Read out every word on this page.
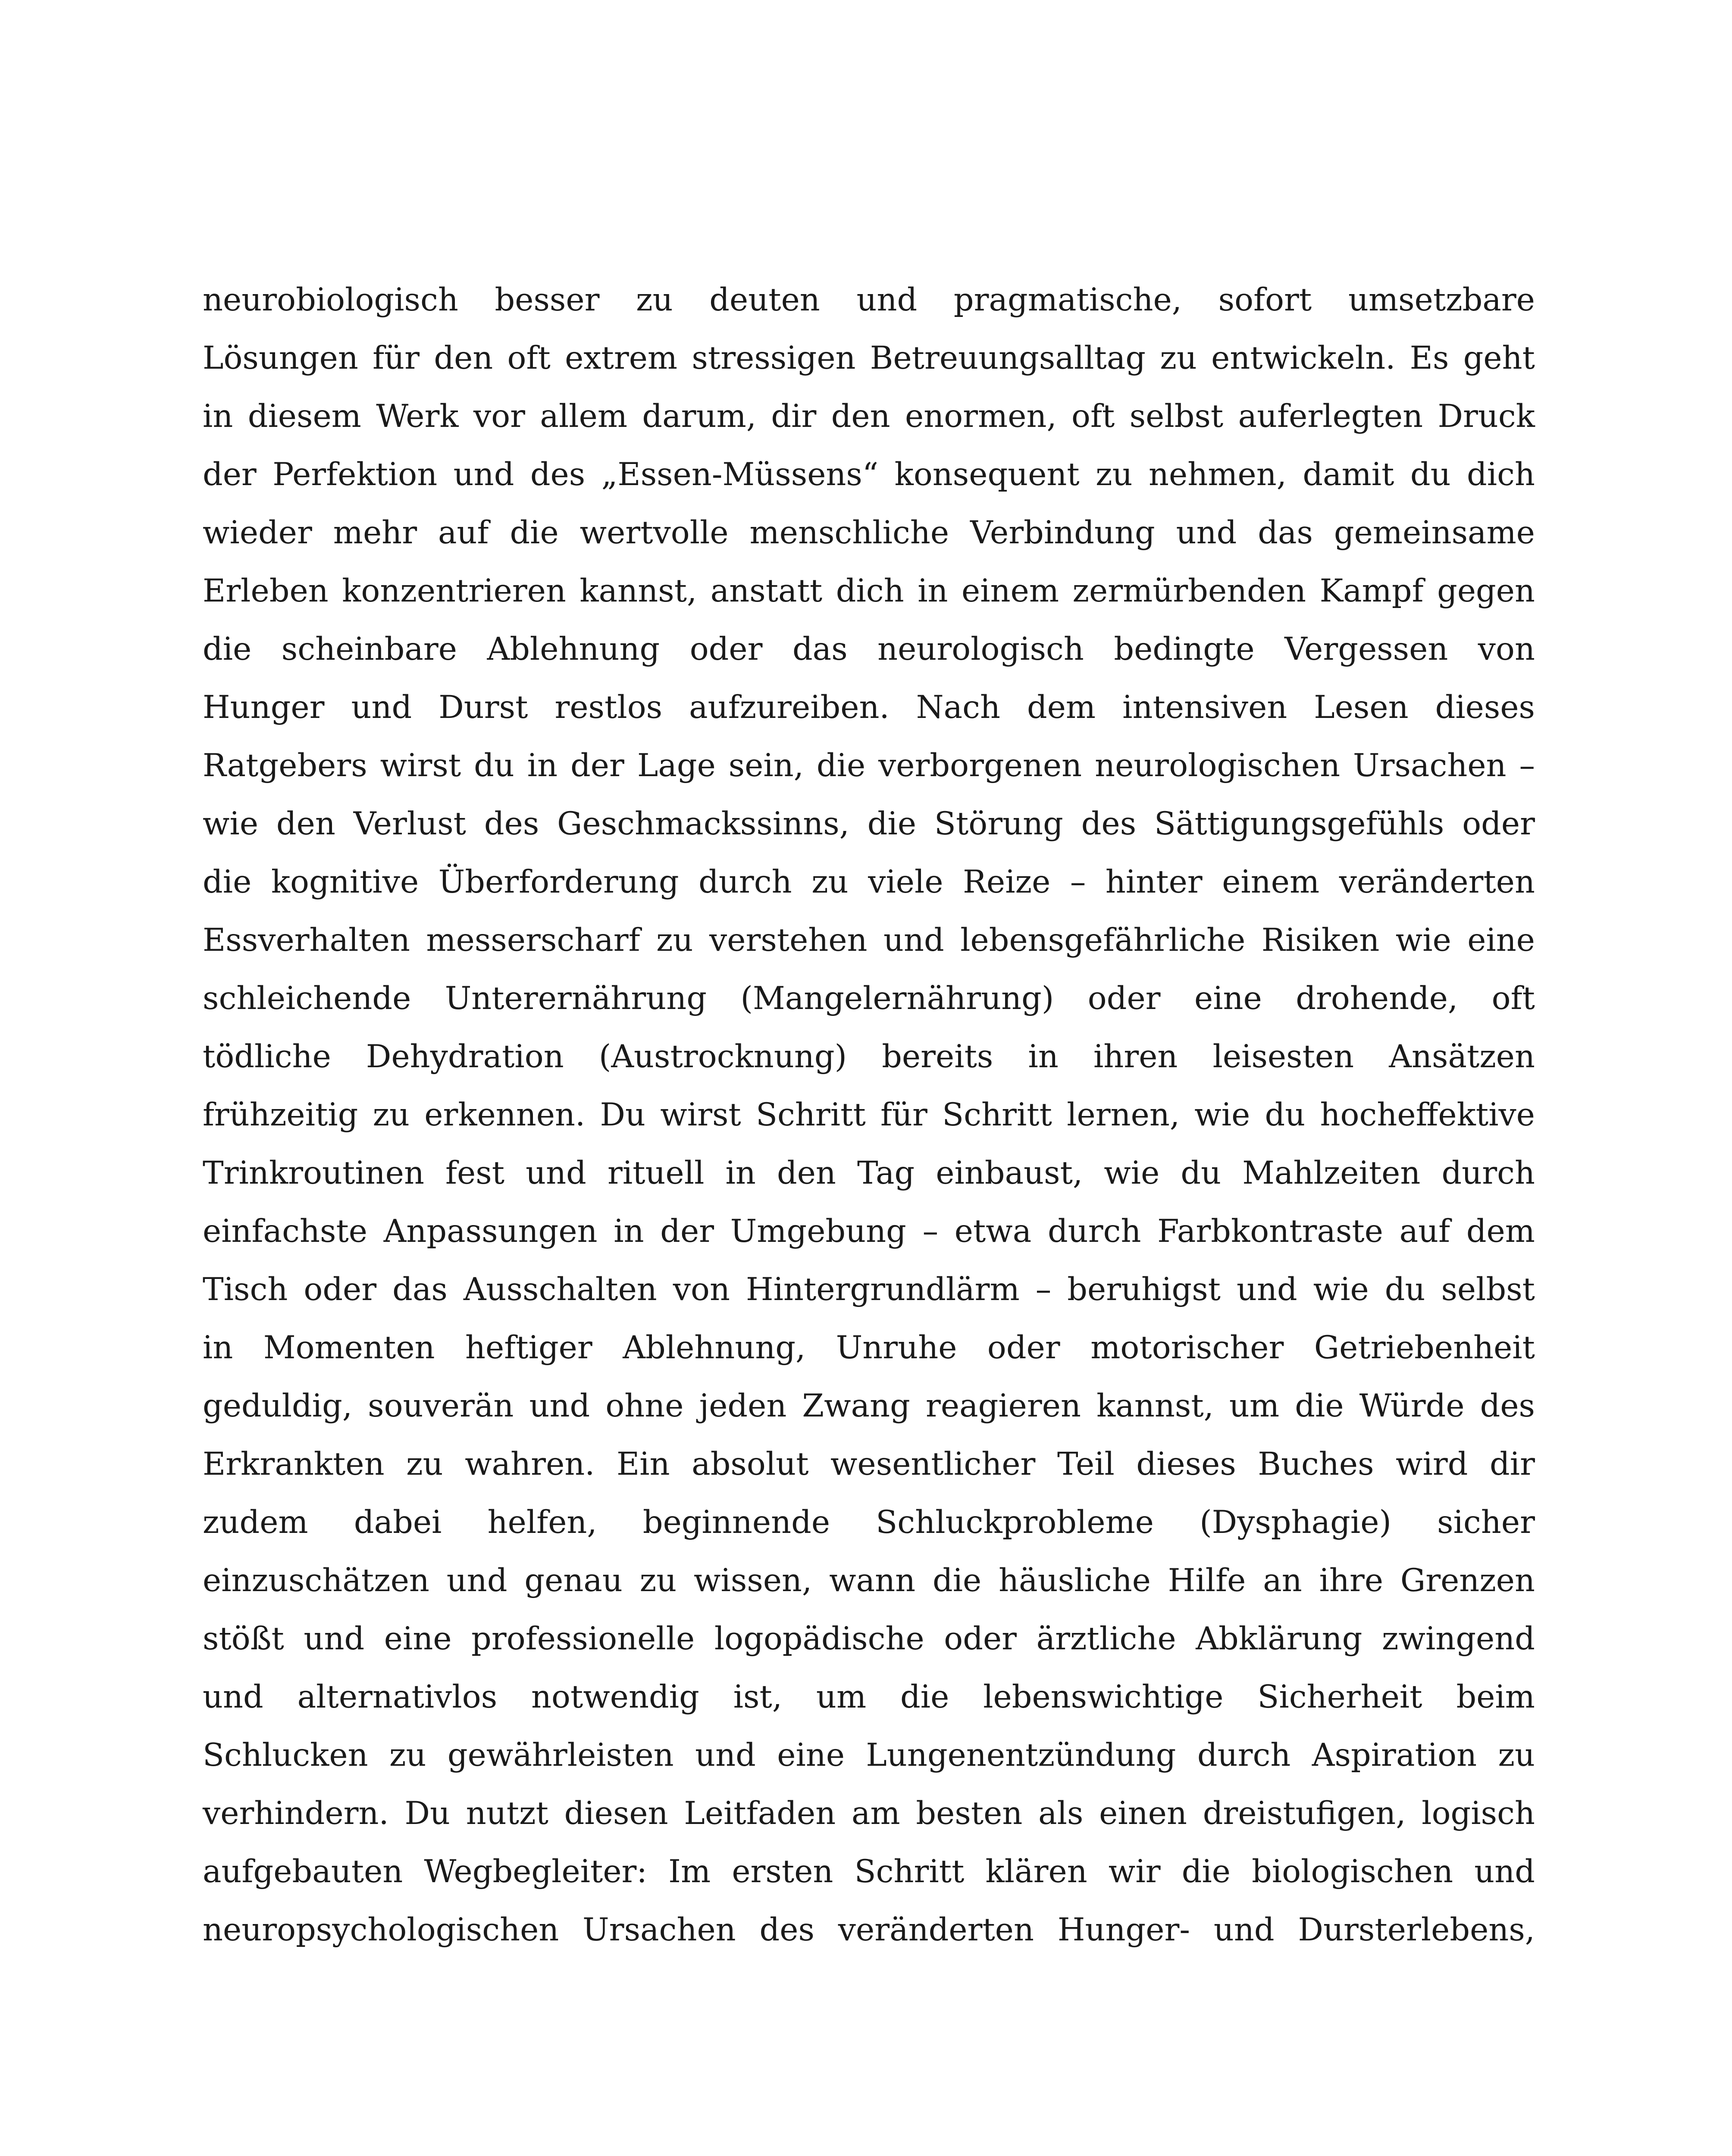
neurobiologisch besser zu deuten und pragmatische, sofort umsetzbare
Lösungen für den oft extrem stressigen Betreuungsalltag zu entwickeln. Es geht
in diesem Werk vor allem darum, dir den enormen, oft selbst auferlegten Druck
der Perfektion und des „Essen-Müssens“ konsequent zu nehmen, damit du dich
wieder mehr auf die wertvolle menschliche Verbindung und das gemeinsame
Erleben konzentrieren kannst, anstatt dich in einem zermürbenden Kampf gegen
die scheinbare Ablehnung oder das neurologisch bedingte Vergessen von
Hunger und Durst restlos aufzureiben. Nach dem intensiven Lesen dieses
Ratgebers wirst du in der Lage sein, die verborgenen neurologischen Ursachen –
wie den Verlust des Geschmackssinns, die Störung des Sättigungsgefühls oder
die kognitive Überforderung durch zu viele Reize – hinter einem veränderten
Essverhalten messerscharf zu verstehen und lebensgefährliche Risiken wie eine
schleichende Unterernährung (Mangelernährung) oder eine drohende, oft
tödliche Dehydration (Austrocknung) bereits in ihren leisesten Ansätzen
frühzeitig zu erkennen. Du wirst Schritt für Schritt lernen, wie du hocheffektive
Trinkroutinen fest und rituell in den Tag einbaust, wie du Mahlzeiten durch
einfachste Anpassungen in der Umgebung – etwa durch Farbkontraste auf dem
Tisch oder das Ausschalten von Hintergrundlärm – beruhigst und wie du selbst
in Momenten heftiger Ablehnung, Unruhe oder motorischer Getriebenheit
geduldig, souverän und ohne jeden Zwang reagieren kannst, um die Würde des
Erkrankten zu wahren. Ein absolut wesentlicher Teil dieses Buches wird dir
zudem dabei helfen, beginnende Schluckprobleme (Dysphagie) sicher
einzuschätzen und genau zu wissen, wann die häusliche Hilfe an ihre Grenzen
stößt und eine professionelle logopädische oder ärztliche Abklärung zwingend
und alternativlos notwendig ist, um die lebenswichtige Sicherheit beim
Schlucken zu gewährleisten und eine Lungenentzündung durch Aspiration zu
verhindern. Du nutzt diesen Leitfaden am besten als einen dreistufigen, logisch
aufgebauten Wegbegleiter: Im ersten Schritt klären wir die biologischen und
neuropsychologischen Ursachen des veränderten Hunger- und Dursterlebens,
